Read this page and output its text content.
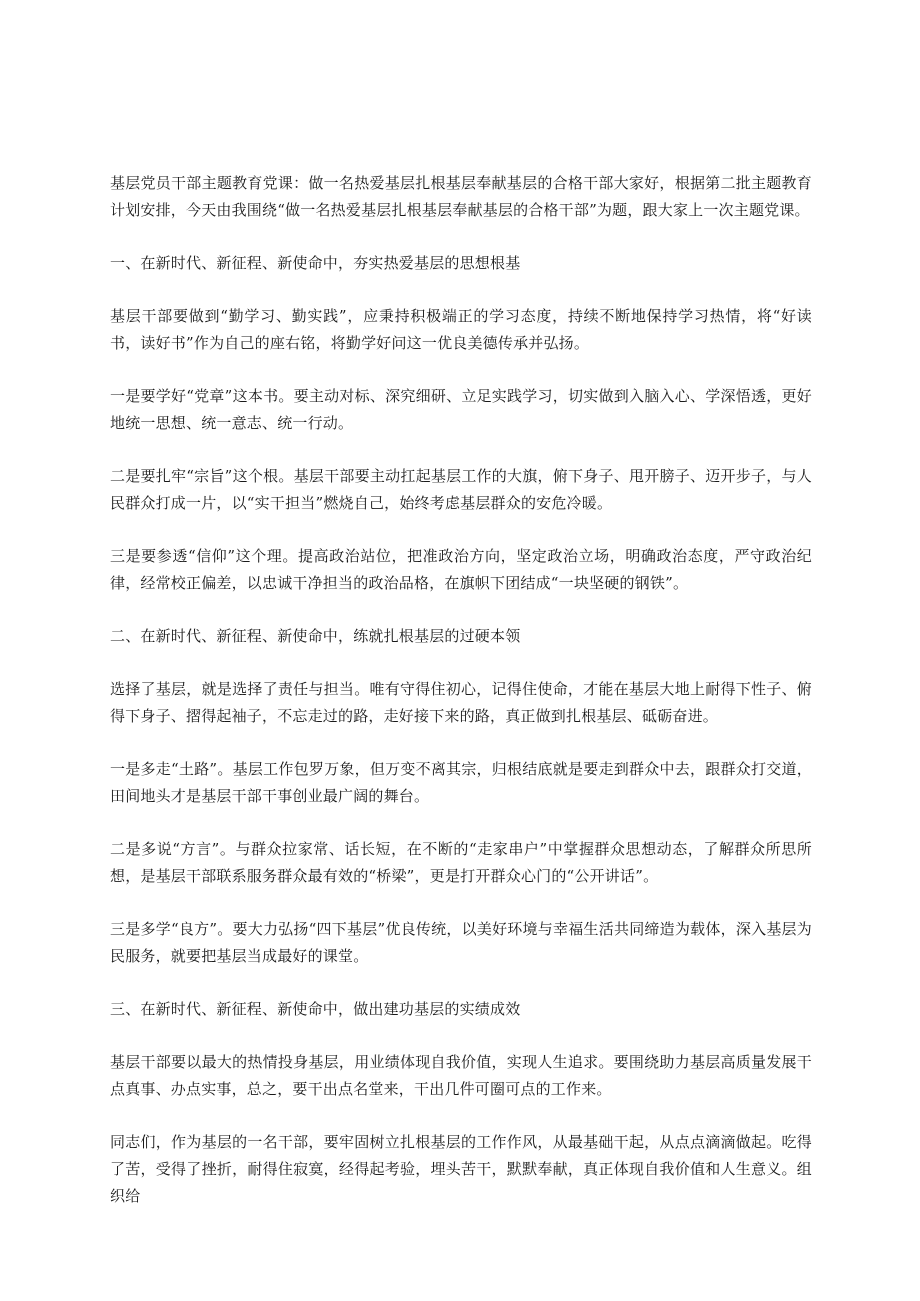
基层党员干部主题教育党课：做一名热爱基层扎根基层奉献基层的合格干部大家好，根据第二批主题教育计划安排，今天由我围绕“做一名热爱基层扎根基层奉献基层的合格干部”为题，跟大家上一次主题党课。

一、在新时代、新征程、新使命中，夯实热爱基层的思想根基

基层干部要做到“勤学习、勤实践”，应秉持积极端正的学习态度，持续不断地保持学习热情，将“好读书，读好书”作为自己的座右铭，将勤学好问这一优良美德传承并弘扬。

一是要学好“党章”这本书。要主动对标、深究细研、立足实践学习，切实做到入脑入心、学深悟透，更好地统一思想、统一意志、统一行动。

二是要扎牢“宗旨”这个根。基层干部要主动扛起基层工作的大旗，俯下身子、甩开膀子、迈开步子，与人民群众打成一片，以“实干担当”燃烧自己，始终考虑基层群众的安危冷暖。

三是要参透“信仰”这个理。提高政治站位，把准政治方向，坚定政治立场，明确政治态度，严守政治纪律，经常校正偏差，以忠诚干净担当的政治品格，在旗帜下团结成“一块坚硬的钢铁”。

二、在新时代、新征程、新使命中，练就扎根基层的过硬本领

选择了基层，就是选择了责任与担当。唯有守得住初心，记得住使命，才能在基层大地上耐得下性子、俯得下身子、摺得起袖子，不忘走过的路，走好接下来的路，真正做到扎根基层、砥砺奋进。

一是多走“土路”。基层工作包罗万象，但万变不离其宗，归根结底就是要走到群众中去，跟群众打交道，田间地头才是基层干部干事创业最广阔的舞台。

二是多说“方言”。与群众拉家常、话长短，在不断的“走家串户”中掌握群众思想动态，了解群众所思所想，是基层干部联系服务群众最有效的“桥梁”，更是打开群众心门的“公开讲话”。

三是多学“良方”。要大力弘扬“四下基层”优良传统，以美好环境与幸福生活共同缔造为载体，深入基层为民服务，就要把基层当成最好的课堂。

三、在新时代、新征程、新使命中，做出建功基层的实绩成效

基层干部要以最大的热情投身基层，用业绩体现自我价值，实现人生追求。要围绕助力基层高质量发展干点真事、办点实事，总之，要干出点名堂来，干出几件可圈可点的工作来。

同志们，作为基层的一名干部，要牢固树立扎根基层的工作作风，从最基础干起，从点点滴滴做起。吃得了苦，受得了挫折，耐得住寂寞，经得起考验，埋头苦干，默默奉献，真正体现自我价值和人生意义。组织给
